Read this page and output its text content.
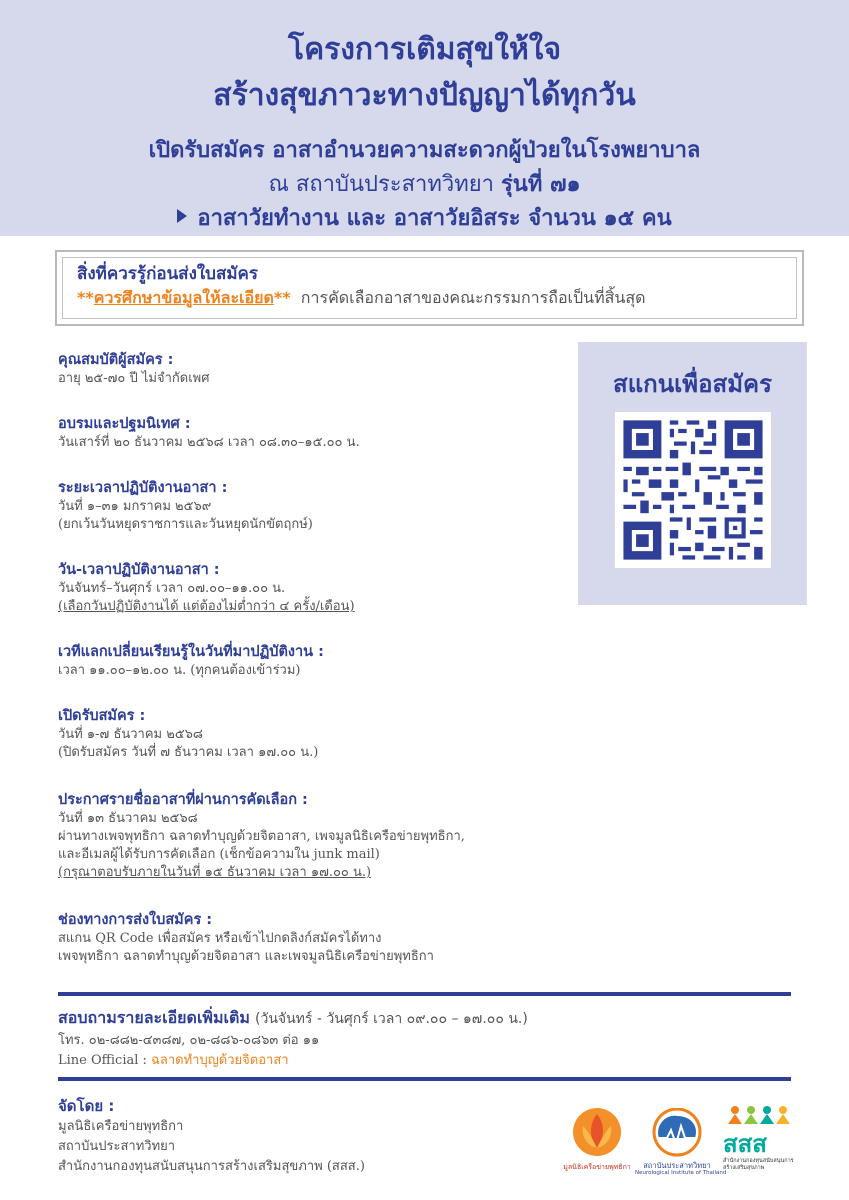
โครงการเติมสุขให้ใจ
สร้างสุขภาวะทางปัญญาได้ทุกวัน
เปิดรับสมัคร อาสาอำนวยความสะดวกผู้ป่วยในโรงพยาบาล
ณ สถาบันประสาทวิทยา รุ่นที่ ๗๑
อาสาวัยทำงาน และ อาสาวัยอิสระ จำนวน ๑๕ คน
สิ่งที่ควรรู้ก่อนส่งใบสมัคร
**ควรศึกษาข้อมูลให้ละเอียด** การคัดเลือกอาสาของคณะกรรมการถือเป็นที่สิ้นสุด
คุณสมบัติผู้สมัคร :
อายุ ๒๕-๗๐ ปี ไม่จำกัดเพศ
อบรมและปฐมนิเทศ :
วันเสาร์ที่ ๒๐ ธันวาคม ๒๕๖๘ เวลา ๐๘.๓๐–๑๕.๐๐ น.
ระยะเวลาปฏิบัติงานอาสา :
วันที่ ๑–๓๑ มกราคม ๒๕๖๙
(ยกเว้นวันหยุดราชการและวันหยุดนักขัตฤกษ์)
วัน-เวลาปฏิบัติงานอาสา :
วันจันทร์–วันศุกร์ เวลา ๐๗.๐๐–๑๑.๐๐ น.
(เลือกวันปฏิบัติงานได้ แต่ต้องไม่ต่ำกว่า ๔ ครั้ง/เดือน)
เวทีแลกเปลี่ยนเรียนรู้ในวันที่มาปฏิบัติงาน :
เวลา ๑๑.๐๐–๑๒.๐๐ น. (ทุกคนต้องเข้าร่วม)
เปิดรับสมัคร :
วันที่ ๑-๗ ธันวาคม ๒๕๖๘
(ปิดรับสมัคร วันที่ ๗ ธันวาคม เวลา ๑๗.๐๐ น.)
ประกาศรายชื่ออาสาที่ผ่านการคัดเลือก :
วันที่ ๑๓ ธันวาคม ๒๕๖๘
ผ่านทางเพจพุทธิกา ฉลาดทำบุญด้วยจิตอาสา, เพจมูลนิธิเครือข่ายพุทธิกา,
และอีเมลผู้ได้รับการคัดเลือก (เช็กข้อความใน junk mail)
(กรุณาตอบรับภายในวันที่ ๑๕ ธันวาคม เวลา ๑๗.๐๐ น.)
ช่องทางการส่งใบสมัคร :
สแกน QR Code เพื่อสมัคร หรือเข้าไปกดลิงก์สมัครได้ทาง
เพจพุทธิกา ฉลาดทำบุญด้วยจิตอาสา และเพจมูลนิธิเครือข่ายพุทธิกา
สแกนเพื่อสมัคร
สอบถามรายละเอียดเพิ่มเติม (วันจันทร์ - วันศุกร์ เวลา ๐๙.๐๐ – ๑๗.๐๐ น.)
โทร. ๐๒-๘๘๒-๔๓๘๗, ๐๒-๘๘๖-๐๘๖๓ ต่อ ๑๑
Line Official : ฉลาดทำบุญด้วยจิตอาสา
จัดโดย :
มูลนิธิเครือข่ายพุทธิกา
สถาบันประสาทวิทยา
สำนักงานกองทุนสนับสนุนการสร้างเสริมสุขภาพ (สสส.)	มูลนิธิเครือข่ายพุทธิกา	สถาบันประสาทวิทยา
Neurological Institute of Thailand
สสส
สำนักงานกองทุนสนับสนุนการสร้างเสริมสุขภาพ
